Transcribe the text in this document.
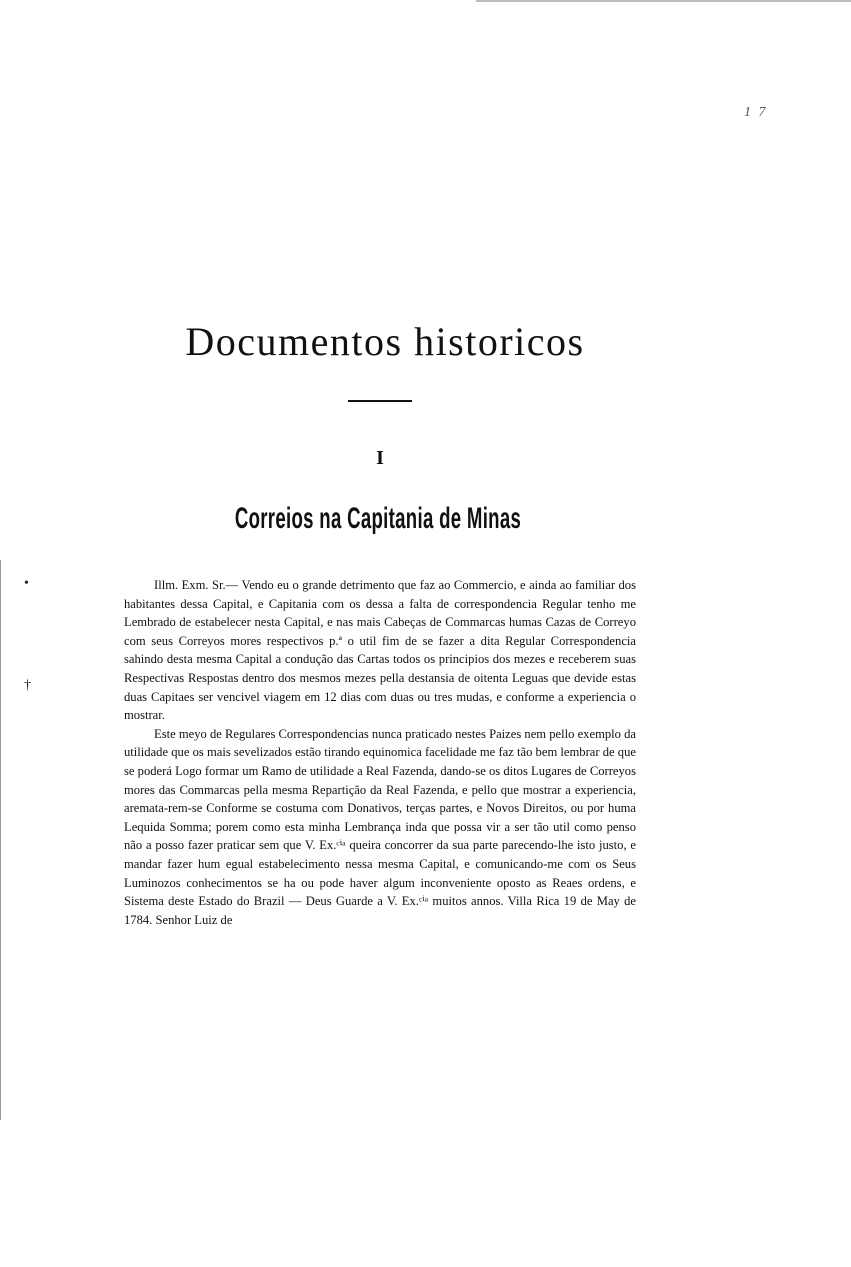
1 7
Documentos historicos
I
Correios na Capitania de Minas
•
†

Illm. Exm. Sr.— Vendo eu o grande detrimento que faz ao Commercio, e ainda ao familiar dos habitantes dessa Capital, e Capitania com os dessa a falta de correspondencia Regular tenho me Lembrado de estabelecer nesta Capital, e nas mais Cabeças de Commarcas humas Cazas de Correyo com seus Correyos mores respectivos p.ª o util fim de se fazer a dita Regular Correspondencia sahindo desta mesma Capital a condução das Cartas todos os principios dos mezes e receberem suas Respectivas Respostas dentro dos mesmos mezes pella destansia de oitenta Leguas que devide estas duas Capitaes ser vencivel viagem em 12 dias com duas ou tres mudas, e conforme a experiencia o mostrar.

Este meyo de Regulares Correspondencias nunca praticado nestes Paizes nem pello exemplo da utilidade que os mais sevelizados estão tirando equinomica facelidade me faz tão bem lembrar de que se poderá Logo formar um Ramo de utilidade a Real Fazenda, dando-se os ditos Lugares de Correyos mores das Commarcas pella mesma Repartição da Real Fazenda, e pello que mostrar a experiencia, aremata-rem-se Conforme se costuma com Donativos, terças partes, e Novos Direitos, ou por huma Lequida Somma; porem como esta minha Lembrança inda que possa vir a ser tão util como penso não a posso fazer praticar sem que V. Ex.ᶜⁱᵃ queira concorrer da sua parte parecendo-lhe isto justo, e mandar fazer hum egual estabelecimento nessa mesma Capital, e comunicando-me com os Seus Luminozos conhecimentos se ha ou pode haver algum inconveniente oposto as Reaes ordens, e Sistema deste Estado do Brazil — Deus Guarde a V. Ex.ᶜⁱᵃ muitos annos. Villa Rica 19 de May de 1784. Senhor Luiz de
